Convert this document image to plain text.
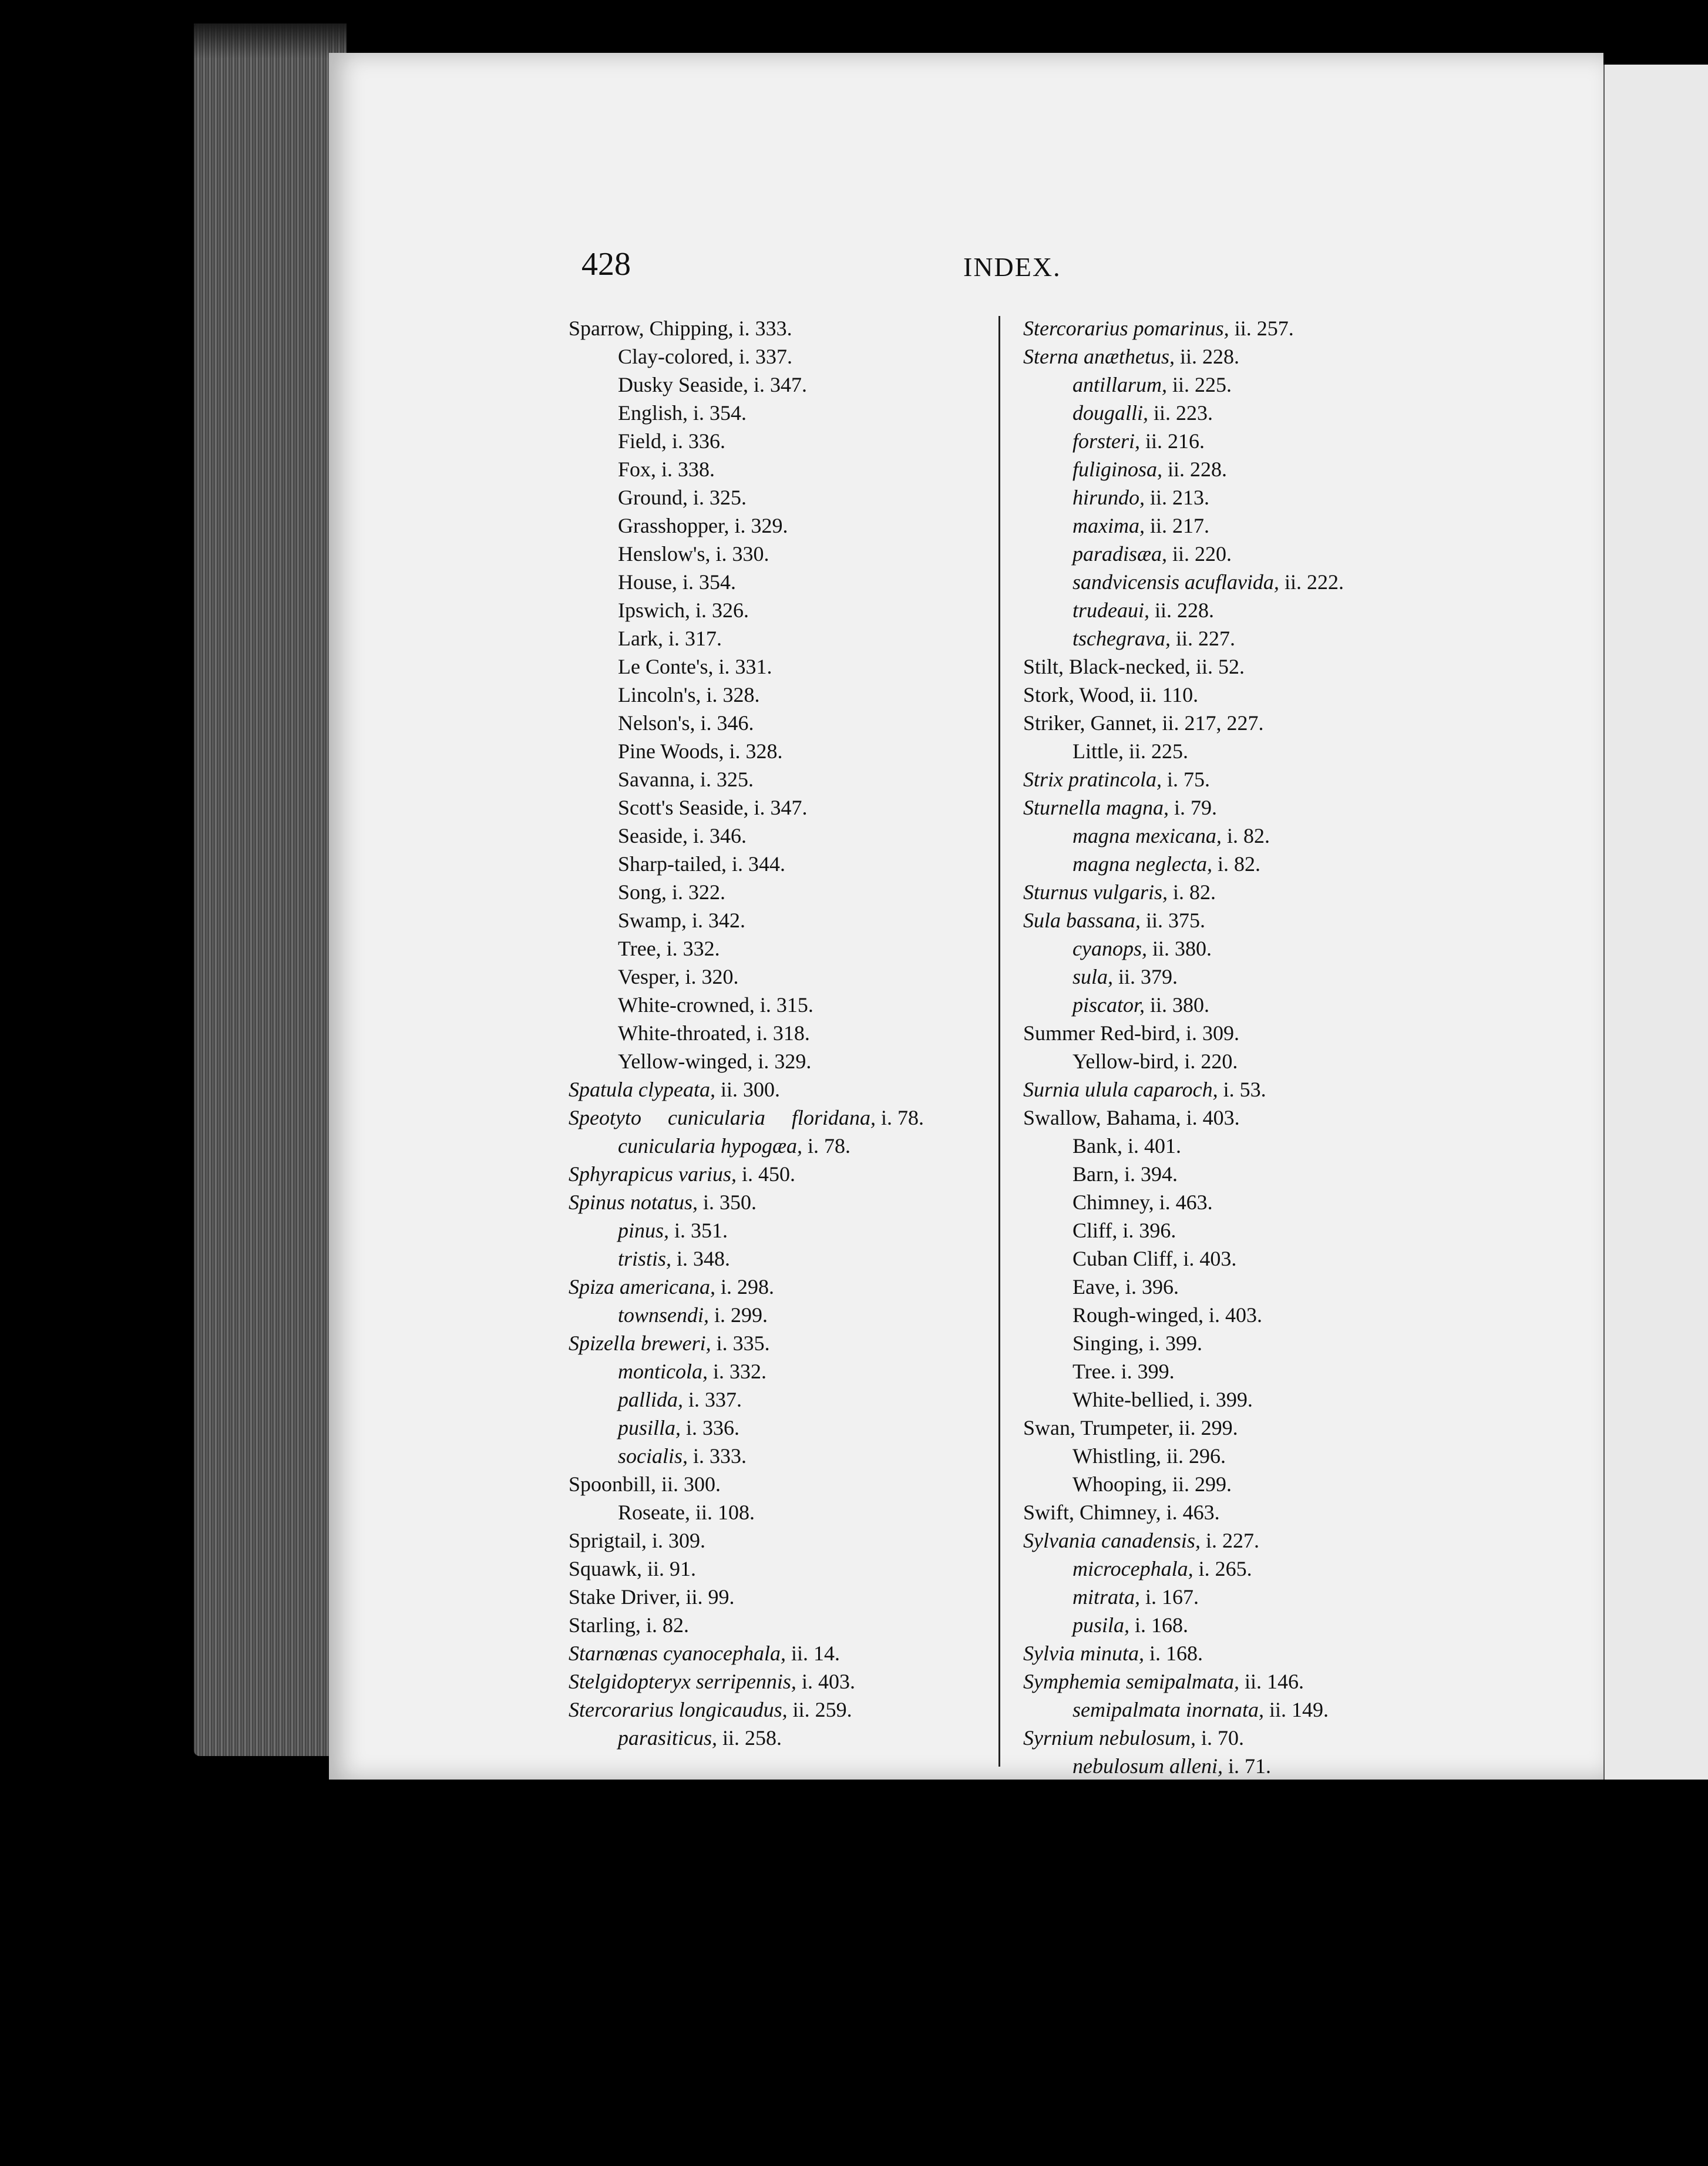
428	INDEX.
Sparrow, Chipping, i. 333.
Clay-colored, i. 337.
Dusky Seaside, i. 347.
English, i. 354.
Field, i. 336.
Fox, i. 338.
Ground, i. 325.
Grasshopper, i. 329.
Henslow's, i. 330.
House, i. 354.
Ipswich, i. 326.
Lark, i. 317.
Le Conte's, i. 331.
Lincoln's, i. 328.
Nelson's, i. 346.
Pine Woods, i. 328.
Savanna, i. 325.
Scott's Seaside, i. 347.
Seaside, i. 346.
Sharp-tailed, i. 344.
Song, i. 322.
Swamp, i. 342.
Tree, i. 332.
Vesper, i. 320.
White-crowned, i. 315.
White-throated, i. 318.
Yellow-winged, i. 329.
Spatula clypeata, ii. 300.
Speotyto cunicularia floridana, i. 78.
cunicularia hypogæa, i. 78.
Sphyrapicus varius, i. 450.
Spinus notatus, i. 350.
pinus, i. 351.
tristis, i. 348.
Spiza americana, i. 298.
townsendi, i. 299.
Spizella breweri, i. 335.
monticola, i. 332.
pallida, i. 337.
pusilla, i. 336.
socialis, i. 333.
Spoonbill, ii. 300.
Roseate, ii. 108.
Sprigtail, i. 309.
Squawk, ii. 91.
Stake Driver, ii. 99.
Starling, i. 82.
Starnœnas cyanocephala, ii. 14.
Stelgidopteryx serripennis, i. 403.
Stercorarius longicaudus, ii. 259.
parasiticus, ii. 258.
Stercorarius pomarinus, ii. 257.
Sterna anæthetus, ii. 228.
antillarum, ii. 225.
dougalli, ii. 223.
forsteri, ii. 216.
fuliginosa, ii. 228.
hirundo, ii. 213.
maxima, ii. 217.
paradisæa, ii. 220.
sandvicensis acuflavida, ii. 222.
trudeaui, ii. 228.
tschegrava, ii. 227.
Stilt, Black-necked, ii. 52.
Stork, Wood, ii. 110.
Striker, Gannet, ii. 217, 227.
Little, ii. 225.
Strix pratincola, i. 75.
Sturnella magna, i. 79.
magna mexicana, i. 82.
magna neglecta, i. 82.
Sturnus vulgaris, i. 82.
Sula bassana, ii. 375.
cyanops, ii. 380.
sula, ii. 379.
piscator, ii. 380.
Summer Red-bird, i. 309.
Yellow-bird, i. 220.
Surnia ulula caparoch, i. 53.
Swallow, Bahama, i. 403.
Bank, i. 401.
Barn, i. 394.
Chimney, i. 463.
Cliff, i. 396.
Cuban Cliff, i. 403.
Eave, i. 396.
Rough-winged, i. 403.
Singing, i. 399.
Tree. i. 399.
White-bellied, i. 399.
Swan, Trumpeter, ii. 299.
Whistling, ii. 296.
Whooping, ii. 299.
Swift, Chimney, i. 463.
Sylvania canadensis, i. 227.
microcephala, i. 265.
mitrata, i. 167.
pusila, i. 168.
Sylvia minuta, i. 168.
Symphemia semipalmata, ii. 146.
semipalmata inornata, ii. 149.
Syrnium nebulosum, i. 70.
nebulosum alleni, i. 71.
